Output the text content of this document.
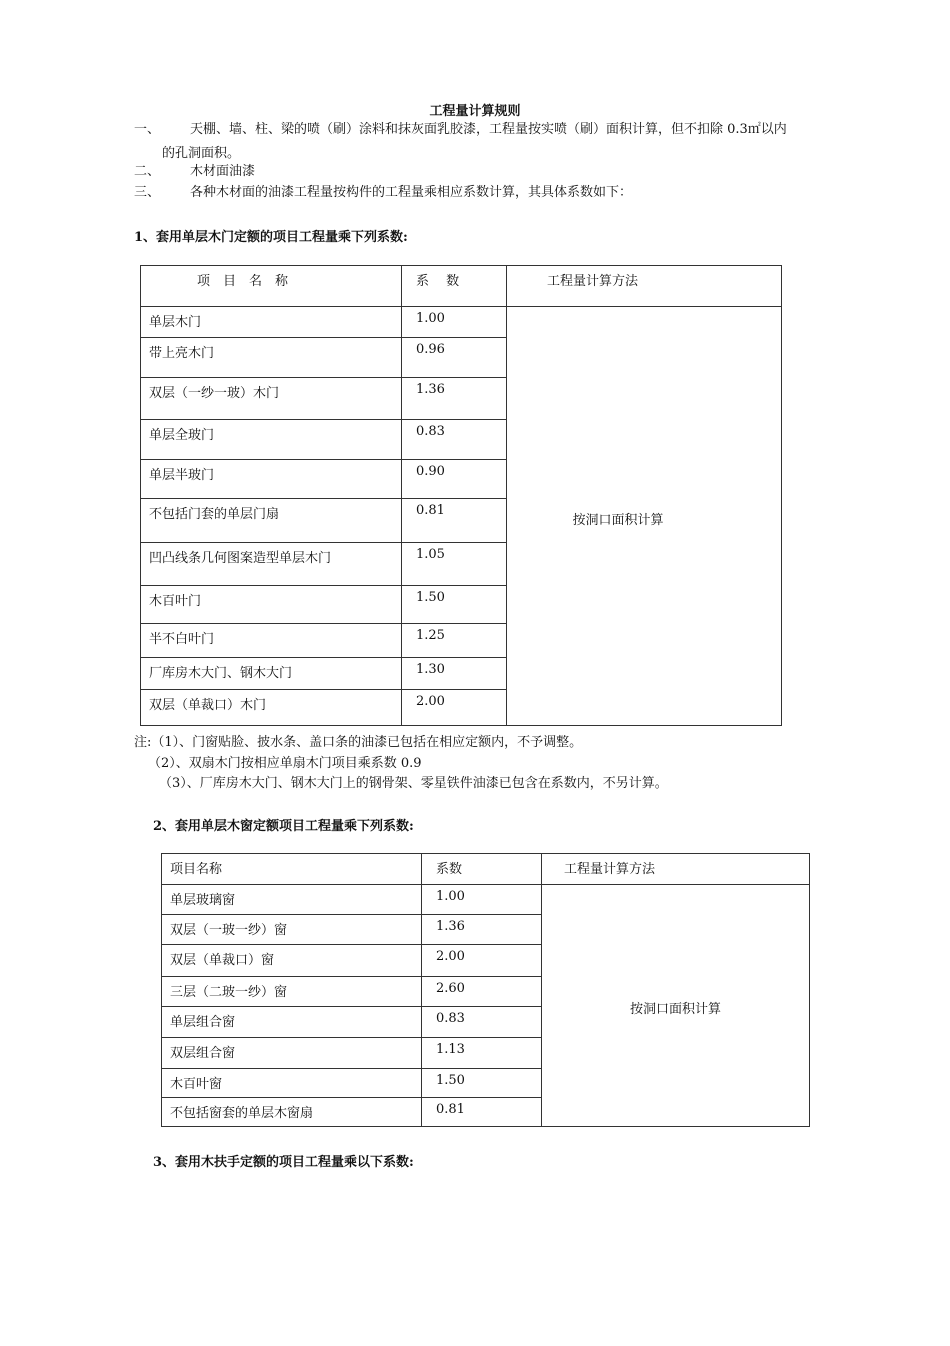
工程量计算规则
一、 天棚、墙、柱、梁的喷（刷）涂料和抹灰面乳胶漆，工程量按实喷（刷）面积计算，但不扣除 0.3㎡以内
的孔洞面积。
二、 木材面油漆
三、 各种木材面的油漆工程量按构件的工程量乘相应系数计算，其具体系数如下：
1、套用单层木门定额的项目工程量乘下列系数:
项　目　名　称	系　 数	工程量计算方法
单层木门	1.00	按洞口面积计算
带上亮木门	0.96	
双层（一纱一玻）木门	1.36	
单层全玻门	0.83	
单层半玻门	0.90	
不包括门套的单层门扇	0.81	
凹凸线条几何图案造型单层木门	1.05	
木百叶门	1.50	
半不白叶门	1.25	
厂库房木大门、钢木大门	1.30	
双层（单裁口）木门	2.00	
注:（1）、门窗贴脸、披水条、盖口条的油漆已包括在相应定额内，不予调整。
（2）、双扇木门按相应单扇木门项目乘系数 0.9
（3）、厂库房木大门、钢木大门上的钢骨架、零星铁件油漆已包含在系数内，不另计算。
2、套用单层木窗定额项目工程量乘下列系数:
项目名称	系数	工程量计算方法
单层玻璃窗	1.00	按洞口面积计算
双层（一玻一纱）窗	1.36	
双层（单裁口）窗	2.00	
三层（二玻一纱）窗	2.60	
单层组合窗	0.83	
双层组合窗	1.13	
木百叶窗	1.50	
不包括窗套的单层木窗扇	0.81	
3、套用木扶手定额的项目工程量乘以下系数:
